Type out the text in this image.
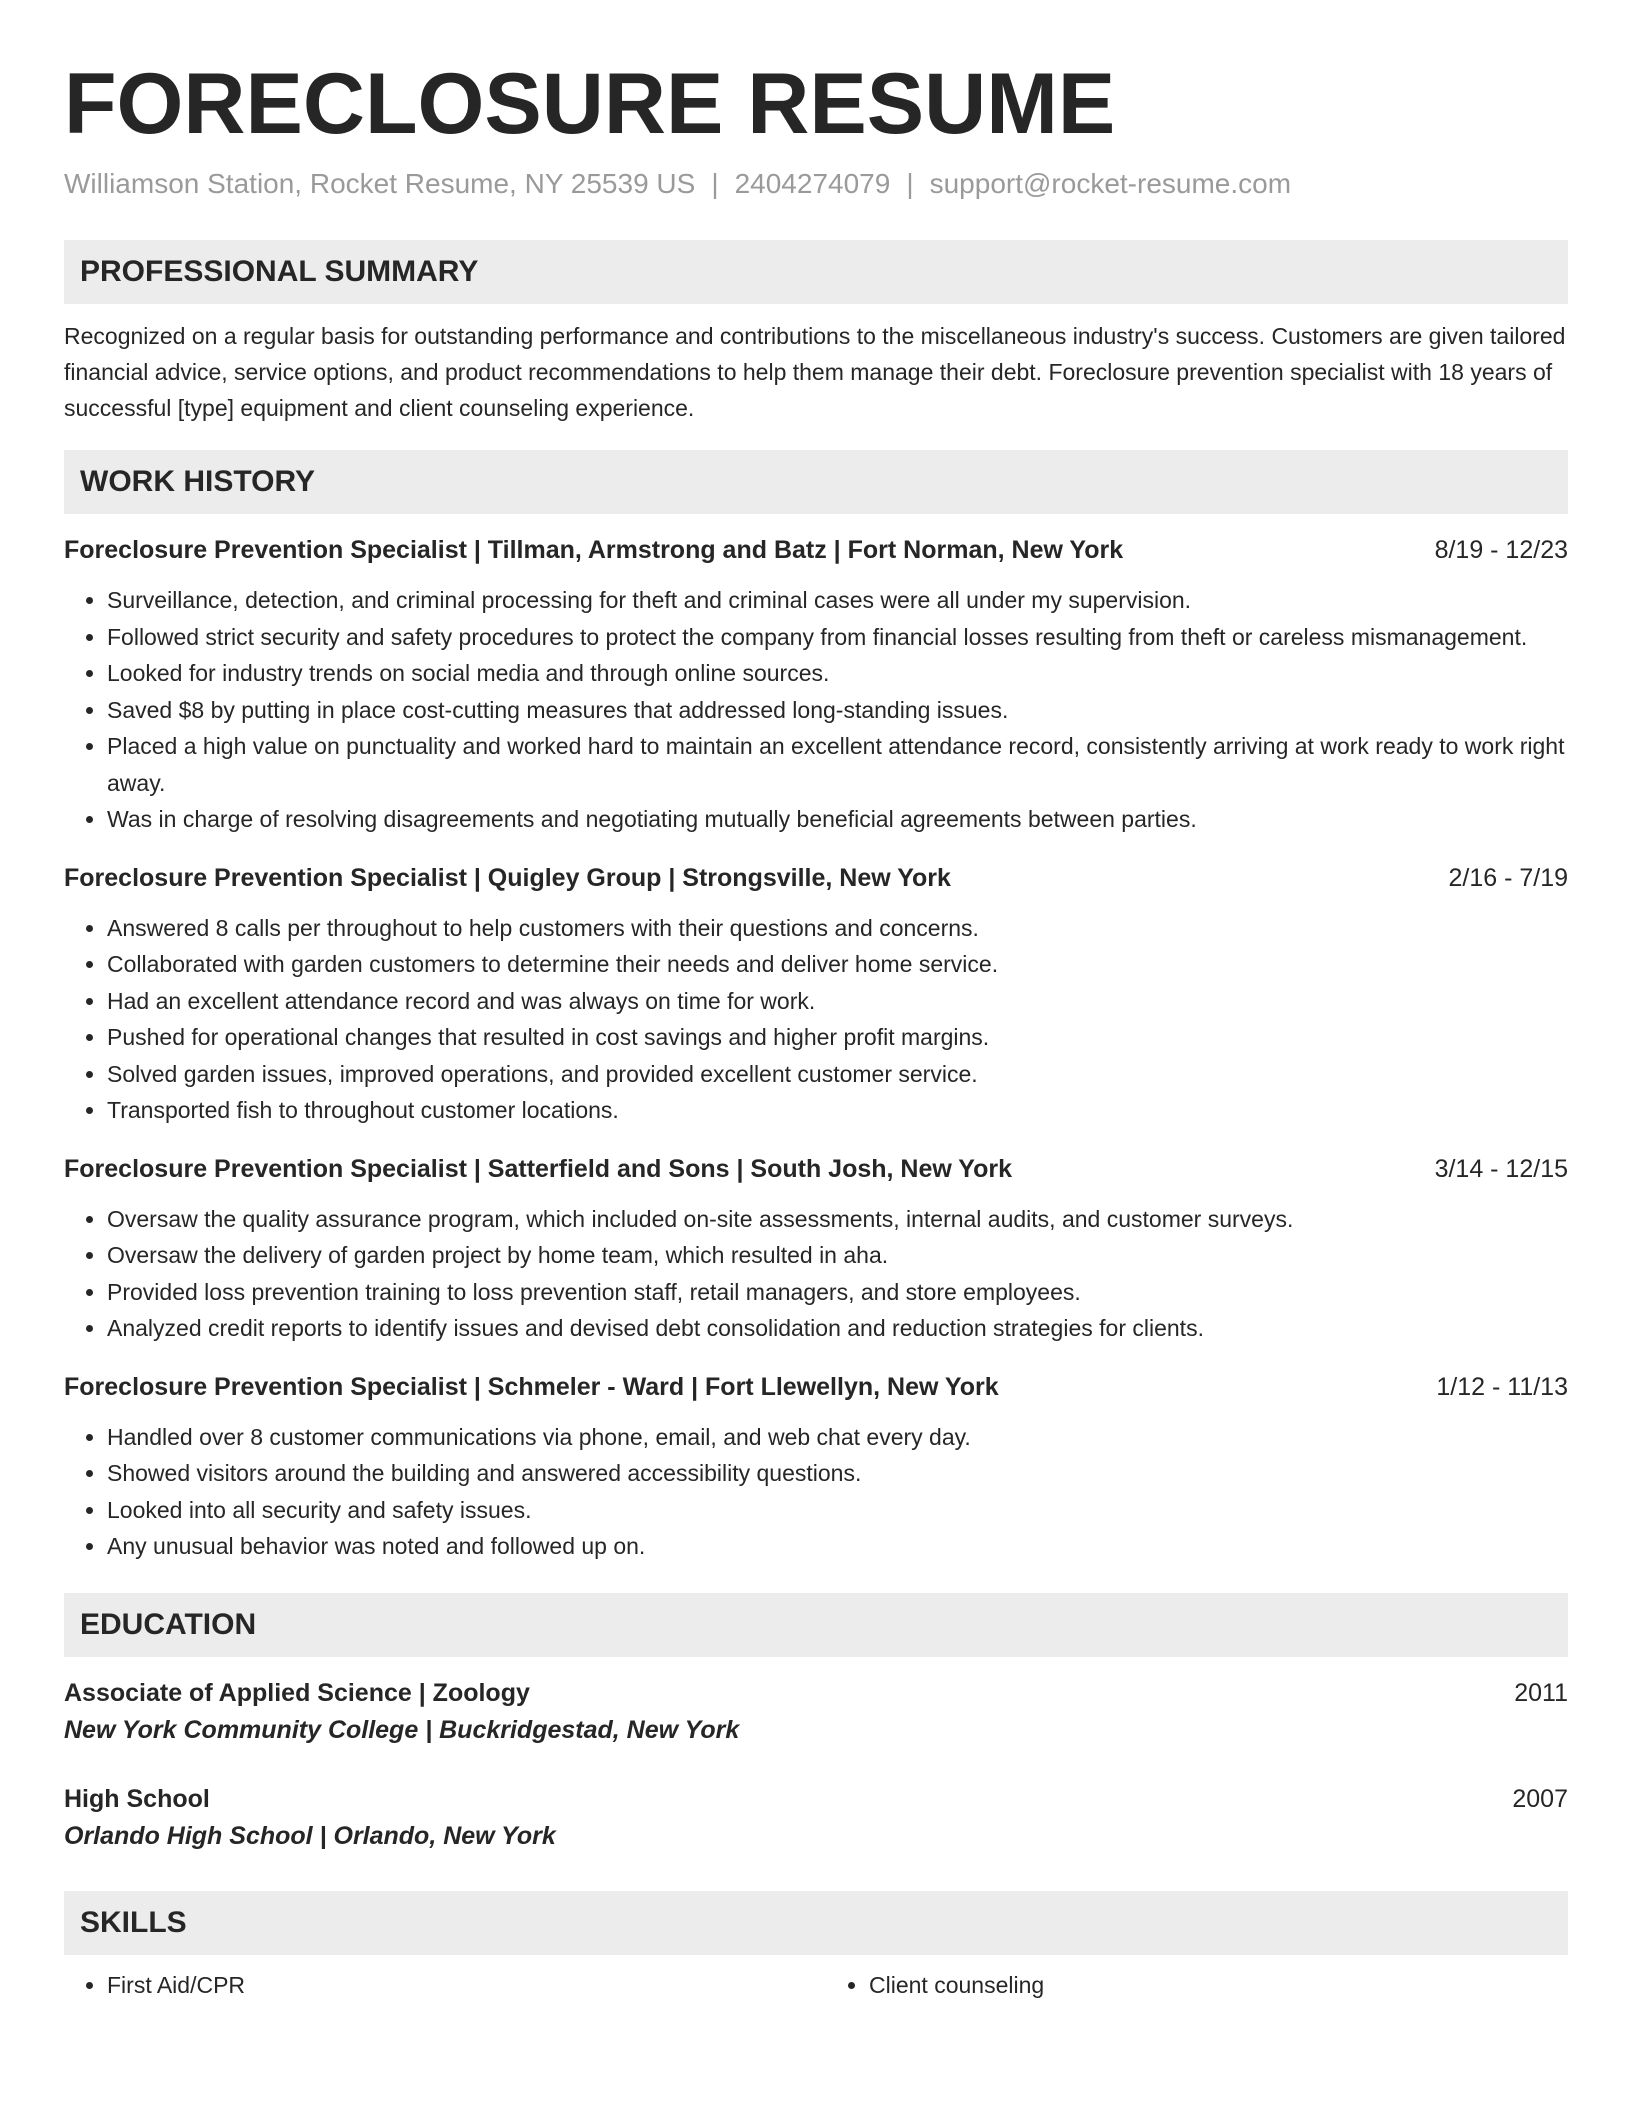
FORECLOSURE RESUME
Williamson Station, Rocket Resume, NY 25539 US | 2404274079 | support@rocket-resume.com
PROFESSIONAL SUMMARY

Recognized on a regular basis for outstanding performance and contributions to the miscellaneous industry's success. Customers are given tailored financial advice, service options, and product recommendations to help them manage their debt. Foreclosure prevention specialist with 18 years of successful [type] equipment and client counseling experience.

WORK HISTORY
Foreclosure Prevention Specialist | Tillman, Armstrong and Batz | Fort Norman, New York	8/19 - 12/23
• Surveillance, detection, and criminal processing for theft and criminal cases were all under my supervision.
• Followed strict security and safety procedures to protect the company from financial losses resulting from theft or careless mismanagement.
• Looked for industry trends on social media and through online sources.
• Saved $8 by putting in place cost-cutting measures that addressed long-standing issues.
• Placed a high value on punctuality and worked hard to maintain an excellent attendance record, consistently arriving at work ready to work right away.
• Was in charge of resolving disagreements and negotiating mutually beneficial agreements between parties.
Foreclosure Prevention Specialist | Quigley Group | Strongsville, New York	2/16 - 7/19
• Answered 8 calls per throughout to help customers with their questions and concerns.
• Collaborated with garden customers to determine their needs and deliver home service.
• Had an excellent attendance record and was always on time for work.
• Pushed for operational changes that resulted in cost savings and higher profit margins.
• Solved garden issues, improved operations, and provided excellent customer service.
• Transported fish to throughout customer locations.
Foreclosure Prevention Specialist | Satterfield and Sons | South Josh, New York	3/14 - 12/15
• Oversaw the quality assurance program, which included on-site assessments, internal audits, and customer surveys.
• Oversaw the delivery of garden project by home team, which resulted in aha.
• Provided loss prevention training to loss prevention staff, retail managers, and store employees.
• Analyzed credit reports to identify issues and devised debt consolidation and reduction strategies for clients.
Foreclosure Prevention Specialist | Schmeler - Ward | Fort Llewellyn, New York	1/12 - 11/13
• Handled over 8 customer communications via phone, email, and web chat every day.
• Showed visitors around the building and answered accessibility questions.
• Looked into all security and safety issues.
• Any unusual behavior was noted and followed up on.
EDUCATION
Associate of Applied Science | Zoology	2011
New York Community College | Buckridgestad, New York
High School	2007
Orlando High School | Orlando, New York
SKILLS
• First Aid/CPR
•	Client counseling
